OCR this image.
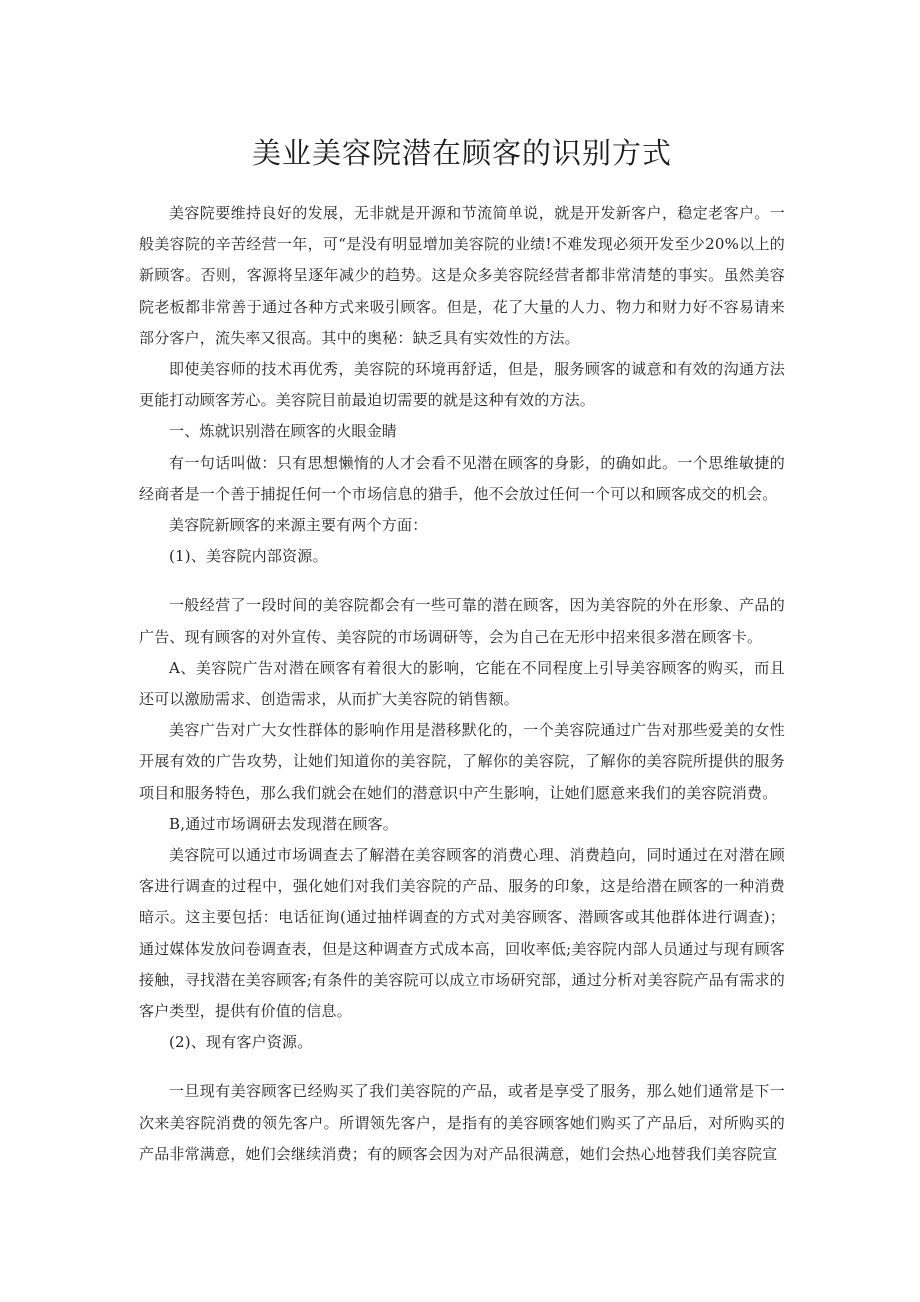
美业美容院潜在顾客的识别方式

美容院要维持良好的发展，无非就是开源和节流简单说，就是开发新客户，稳定老客户。一般美容院的辛苦经营一年，可“是没有明显增加美容院的业绩!不难发现必须开发至少20%以上的新顾客。否则，客源将呈逐年减少的趋势。这是众多美容院经营者都非常清楚的事实。虽然美容院老板都非常善于通过各种方式来吸引顾客。但是，花了大量的人力、物力和财力好不容易请来部分客户，流失率又很高。其中的奥秘：缺乏具有实效性的方法。

即使美容师的技术再优秀，美容院的环境再舒适，但是，服务顾客的诚意和有效的沟通方法更能打动顾客芳心。美容院目前最迫切需要的就是这种有效的方法。

一、炼就识别潜在顾客的火眼金睛

有一句话叫做：只有思想懒惰的人才会看不见潜在顾客的身影，的确如此。一个思维敏捷的经商者是一个善于捕捉任何一个市场信息的猎手，他不会放过任何一个可以和顾客成交的机会。

美容院新顾客的来源主要有两个方面：

(1)、美容院内部资源。

一般经营了一段时间的美容院都会有一些可靠的潜在顾客，因为美容院的外在形象、产品的广告、现有顾客的对外宣传、美容院的市场调研等，会为自己在无形中招来很多潜在顾客卡。

A、美容院广告对潜在顾客有着很大的影响，它能在不同程度上引导美容顾客的购买，而且还可以激励需求、创造需求，从而扩大美容院的销售额。

美容广告对广大女性群体的影响作用是潜移默化的，一个美容院通过广告对那些爱美的女性开展有效的广告攻势，让她们知道你的美容院，了解你的美容院，了解你的美容院所提供的服务项目和服务特色，那么我们就会在她们的潜意识中产生影响，让她们愿意来我们的美容院消费。

B,通过市场调研去发现潜在顾客。

美容院可以通过市场调查去了解潜在美容顾客的消费心理、消费趋向，同时通过在对潜在顾客进行调查的过程中，强化她们对我们美容院的产品、服务的印象，这是给潜在顾客的一种消费暗示。这主要包括：电话征询(通过抽样调查的方式对美容顾客、潜顾客或其他群体进行调查)；通过媒体发放问卷调查表，但是这种调查方式成本高，回收率低;美容院内部人员通过与现有顾客接触，寻找潜在美容顾客;有条件的美容院可以成立市场研究部，通过分析对美容院产品有需求的客户类型，提供有价值的信息。

(2)、现有客户资源。

一旦现有美容顾客已经购买了我们美容院的产品，或者是享受了服务，那么她们通常是下一次来美容院消费的领先客户。所谓领先客户，是指有的美容顾客她们购买了产品后，对所购买的产品非常满意，她们会继续消费；有的顾客会因为对产品很满意，她们会热心地替我们美容院宣
